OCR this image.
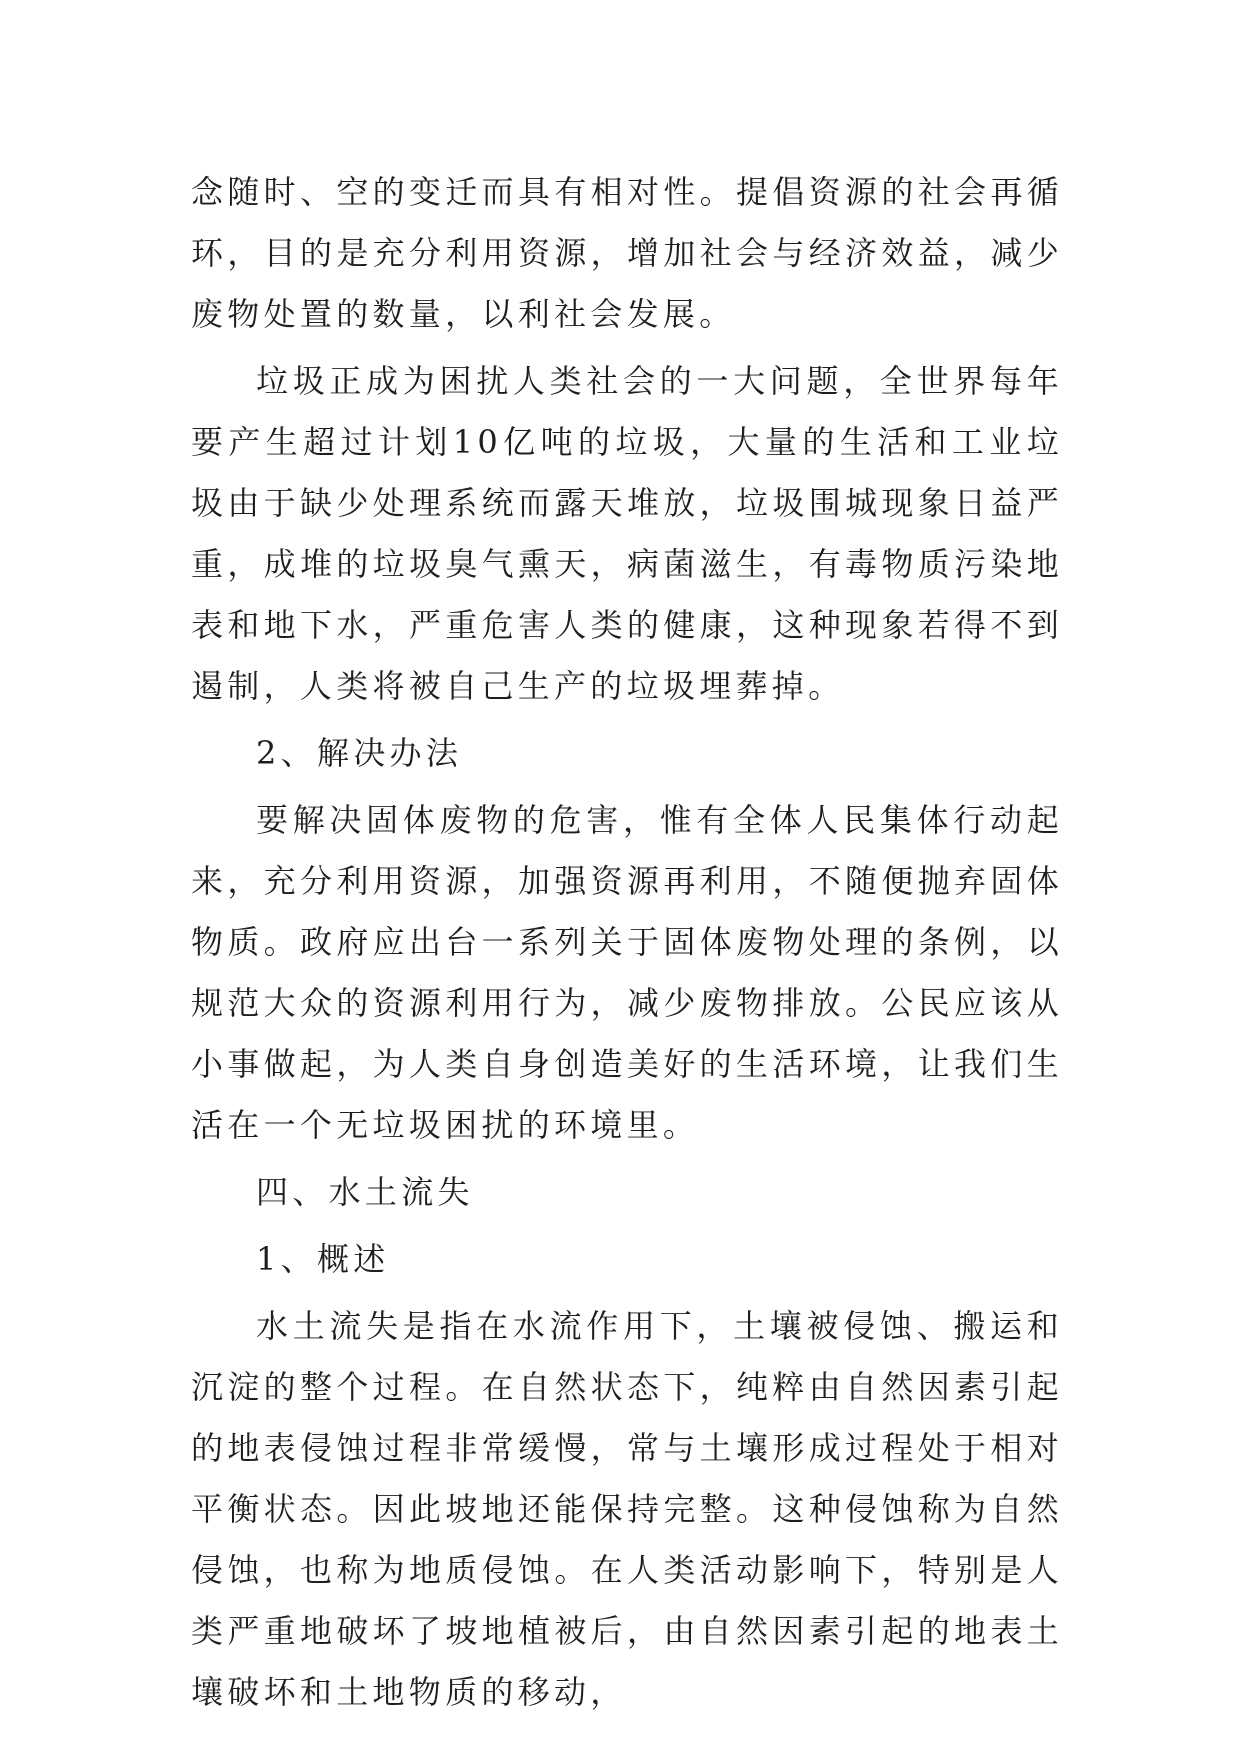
念随时、空的变迁而具有相对性。提倡资源的社会再循环，目的是充分利用资源，增加社会与经济效益，减少废物处置的数量，以利社会发展。

垃圾正成为困扰人类社会的一大问题，全世界每年要产生超过计划10亿吨的垃圾，大量的生活和工业垃圾由于缺少处理系统而露天堆放，垃圾围城现象日益严重，成堆的垃圾臭气熏天，病菌滋生，有毒物质污染地表和地下水，严重危害人类的健康，这种现象若得不到遏制，人类将被自己生产的垃圾埋葬掉。

2、解决办法

要解决固体废物的危害，惟有全体人民集体行动起来，充分利用资源，加强资源再利用，不随便抛弃固体物质。政府应出台一系列关于固体废物处理的条例，以规范大众的资源利用行为，减少废物排放。公民应该从小事做起，为人类自身创造美好的生活环境，让我们生活在一个无垃圾困扰的环境里。

四、水土流失

1、概述

水土流失是指在水流作用下，土壤被侵蚀、搬运和沉淀的整个过程。在自然状态下，纯粹由自然因素引起的地表侵蚀过程非常缓慢，常与土壤形成过程处于相对平衡状态。因此坡地还能保持完整。这种侵蚀称为自然侵蚀，也称为地质侵蚀。在人类活动影响下，特别是人类严重地破坏了坡地植被后，由自然因素引起的地表土壤破坏和土地物质的移动，
